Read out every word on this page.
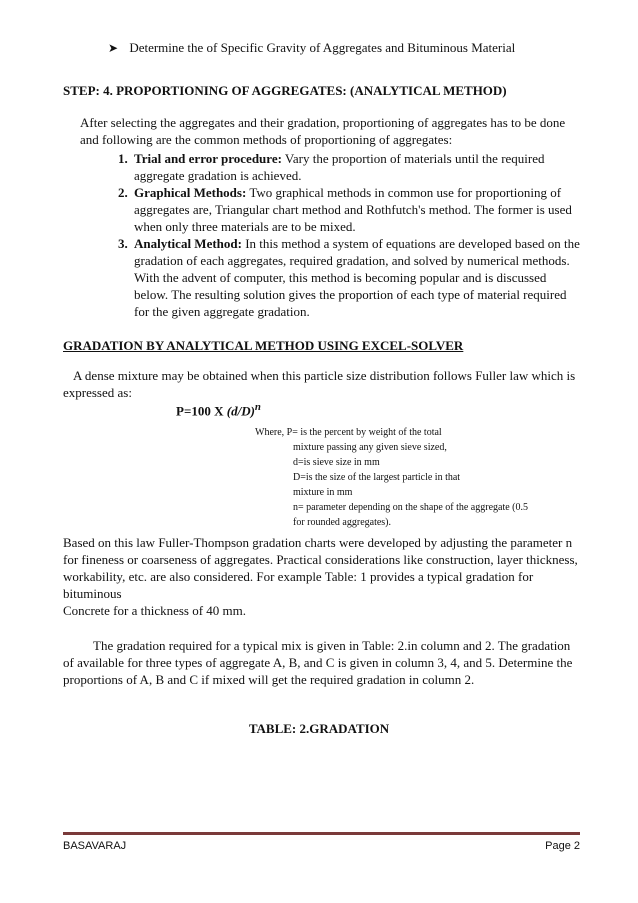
➤ Determine the of Specific Gravity of Aggregates and Bituminous Material
STEP: 4. PROPORTIONING OF AGGREGATES: (ANALYTICAL METHOD)
After selecting the aggregates and their gradation, proportioning of aggregates has to be done and following are the common methods of proportioning of aggregates:
1. Trial and error procedure: Vary the proportion of materials until the required aggregate gradation is achieved.
2. Graphical Methods: Two graphical methods in common use for proportioning of aggregates are, Triangular chart method and Rothfutch's method. The former is used when only three materials are to be mixed.
3. Analytical Method: In this method a system of equations are developed based on the gradation of each aggregates, required gradation, and solved by numerical methods. With the advent of computer, this method is becoming popular and is discussed below. The resulting solution gives the proportion of each type of material required for the given aggregate gradation.
GRADATION BY ANALYTICAL METHOD USING EXCEL-SOLVER
A dense mixture may be obtained when this particle size distribution follows Fuller law which is expressed as:
P=100 X $(d/D)^n$
Where, P= is the percent by weight of the total
mixture passing any given sieve sized,
d=is sieve size in mm
D=is the size of the largest particle in that
mixture in mm
n= parameter depending on the shape of the aggregate (0.5
for rounded aggregates).
Based on this law Fuller-Thompson gradation charts were developed by adjusting the parameter n for fineness or coarseness of aggregates. Practical considerations like construction, layer thickness, workability, etc. are also considered. For example Table: 1 provides a typical gradation for bituminous
Concrete for a thickness of 40 mm.
The gradation required for a typical mix is given in Table: 2.in column and 2. The gradation of available for three types of aggregate A, B, and C is given in column 3, 4, and 5. Determine the proportions of A, B and C if mixed will get the required gradation in column 2.
TABLE: 2.GRADATION
BASAVARAJ	Page 2
